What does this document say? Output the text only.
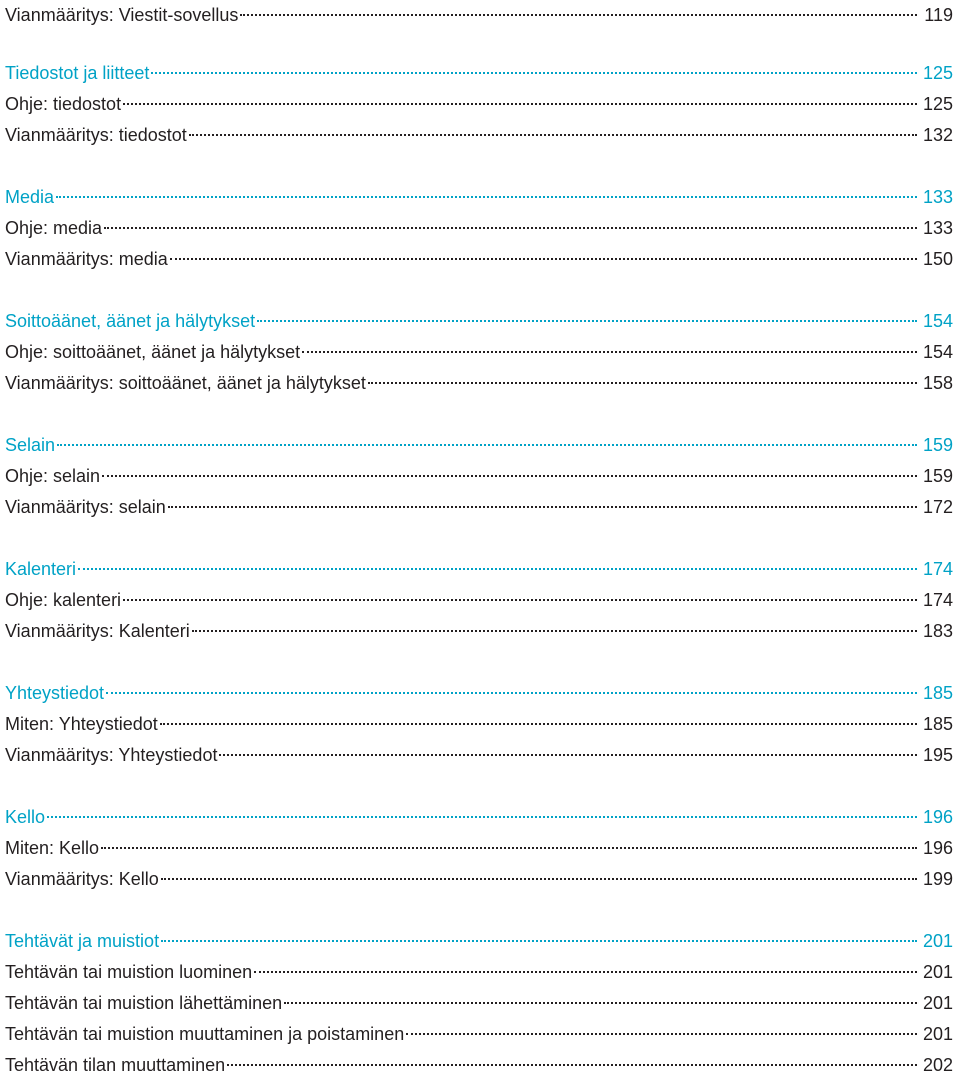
Vianmääritys: Viestit-sovellus	119
Tiedostot ja liitteet	125
Ohje: tiedostot	125
Vianmääritys: tiedostot	132
Media	133
Ohje: media	133
Vianmääritys: media	150
Soittoäänet, äänet ja hälytykset	154
Ohje: soittoäänet, äänet ja hälytykset	154
Vianmääritys: soittoäänet, äänet ja hälytykset	158
Selain	159
Ohje: selain	159
Vianmääritys: selain	172
Kalenteri	174
Ohje: kalenteri	174
Vianmääritys: Kalenteri	183
Yhteystiedot	185
Miten: Yhteystiedot	185
Vianmääritys: Yhteystiedot	195
Kello	196
Miten: Kello	196
Vianmääritys: Kello	199
Tehtävät ja muistiot	201
Tehtävän tai muistion luominen	201
Tehtävän tai muistion lähettäminen	201
Tehtävän tai muistion muuttaminen ja poistaminen	201
Tehtävän tilan muuttaminen	202
